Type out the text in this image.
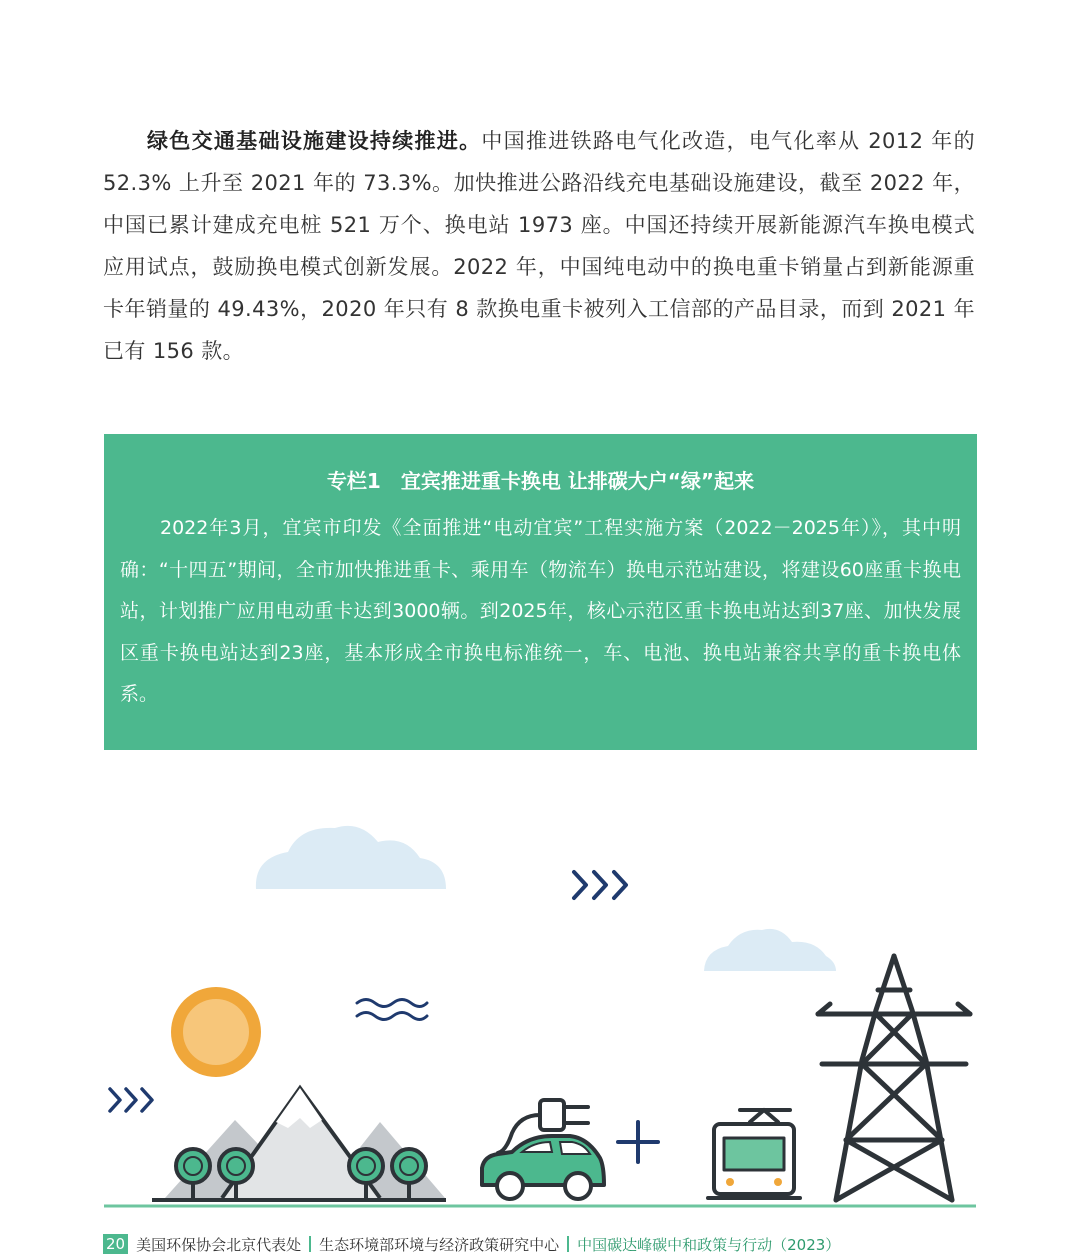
绿色交通基础设施建设持续推进。中国推进铁路电气化改造，电气化率从 2012 年的 52.3% 上升至 2021 年的 73.3%。加快推进公路沿线充电基础设施建设，截至 2022 年，中国已累计建成充电桩 521 万个、换电站 1973 座。中国还持续开展新能源汽车换电模式应用试点，鼓励换电模式创新发展。2022 年，中国纯电动中的换电重卡销量占到新能源重卡年销量的 49.43%，2020 年只有 8 款换电重卡被列入工信部的产品目录，而到 2021 年已有 156 款。

专栏1　宜宾推进重卡换电 让排碳大户“绿”起来

2022年3月，宜宾市印发《全面推进“电动宜宾”工程实施方案（2022－2025年）》，其中明确：“十四五”期间，全市加快推进重卡、乘用车（物流车）换电示范站建设，将建设60座重卡换电站，计划推广应用电动重卡达到3000辆。到2025年，核心示范区重卡换电站达到37座、加快发展区重卡换电站达到23座，基本形成全市换电标准统一，车、电池、换电站兼容共享的重卡换电体系。

20 美国环保协会北京代表处 生态环境部环境与经济政策研究中心 中国碳达峰碳中和政策与行动（2023）
